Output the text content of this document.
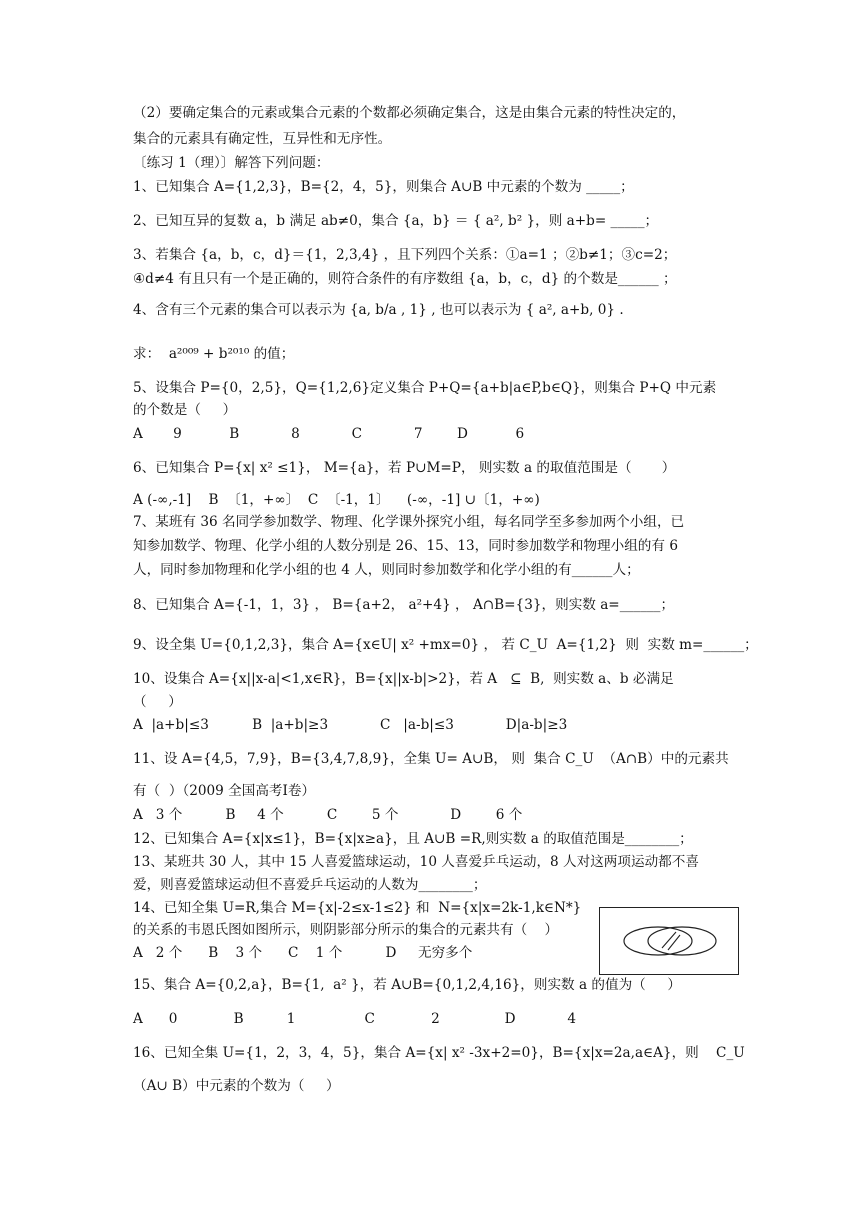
（2）要确定集合的元素或集合元素的个数都必须确定集合，这是由集合元素的特性决定的，
集合的元素具有确定性，互异性和无序性。
〔练习 1（理）〕解答下列问题：
1、已知集合 A={1,2,3}，B={2，4，5}，则集合 A∪B 中元素的个数为 _____；
2、已知互异的复数 a，b 满足 ab≠0，集合 {a，b} ＝ { a², b² }，则 a+b= _____；
3、若集合 {a，b，c，d}＝{1，2,3,4} ，且下列四个关系：①a=1 ；②b≠1；③c=2；
④d≠4 有且只有一个是正确的，则符合条件的有序数组 {a，b，c，d} 的个数是______ ；
4、含有三个元素的集合可以表示为 {a, b/a , 1} , 也可以表示为 { a², a+b, 0} .
求：  a²⁰⁰⁹ + b²⁰¹⁰ 的值；
5、设集合 P={0，2,5}，Q={1,2,6}定义集合 P+Q={a+b|a∈P,b∈Q}，则集合 P+Q 中元素
的个数是（     ）
A       9           B            8            C            7        D           6
6、已知集合 P={x| x² ≤1}， M={a}，若 P∪M=P， 则实数 a 的取值范围是（       ）
A (-∞,-1]    B  〔1，+∞〕  C  〔-1，1〕    (-∞，-1] ∪〔1，+∞)
7、某班有 36 名同学参加数学、物理、化学课外探究小组，每名同学至多参加两个小组，已
知参加数学、物理、化学小组的人数分别是 26、15、13，同时参加数学和物理小组的有 6
人，同时参加物理和化学小组的也 4 人，则同时参加数学和化学小组的有______人；
8、已知集合 A={-1，1，3} ， B={a+2， a²+4} ， A∩B={3}，则实数 a=______；
9、设全集 U={0,1,2,3}，集合 A={x∈U| x² +mx=0} ， 若 C_U  A={1,2}  则  实数 m=______；
10、设集合 A={x||x-a|<1,x∈R}，B={x||x-b|>2}，若 A   ⊆  B,  则实数 a、b 必满足
（     ）
A  |a+b|≤3          B  |a+b|≥3            C   |a-b|≤3            D|a-b|≥3
11、设 A={4,5，7,9}，B={3,4,7,8,9}，全集 U= A∪B， 则  集合 C_U  （A∩B）中的元素共
有（  ）（2009 全国高考Ⅰ卷）
A   3 个          B     4 个          C        5 个            D        6 个
12、已知集合 A={x|x≤1}，B={x|x≥a}，且 A∪B =R,则实数 a 的取值范围是________；
13、某班共 30 人，其中 15 人喜爱篮球运动，10 人喜爱乒乓运动，8 人对这两项运动都不喜
爱，则喜爱篮球运动但不喜爱乒乓运动的人数为________；
14、已知全集 U=R,集合 M={x|-2≤x-1≤2} 和  N={x|x=2k-1,k∈N*}
的关系的韦恩氏图如图所示，则阴影部分所示的集合的元素共有（    ）
A   2 个      B    3 个      C    1 个          D     无穷多个
15、集合 A={0,2,a}，B={1,  a² }，若 A∪B={0,1,2,4,16}，则实数 a 的值为（     ）
A      0             B          1                C             2               D            4
16、已知全集 U={1，2，3，4，5}，集合 A={x| x² -3x+2=0}，B={x|x=2a,a∈A}，则    C_U
（A∪ B）中元素的个数为（     ）
